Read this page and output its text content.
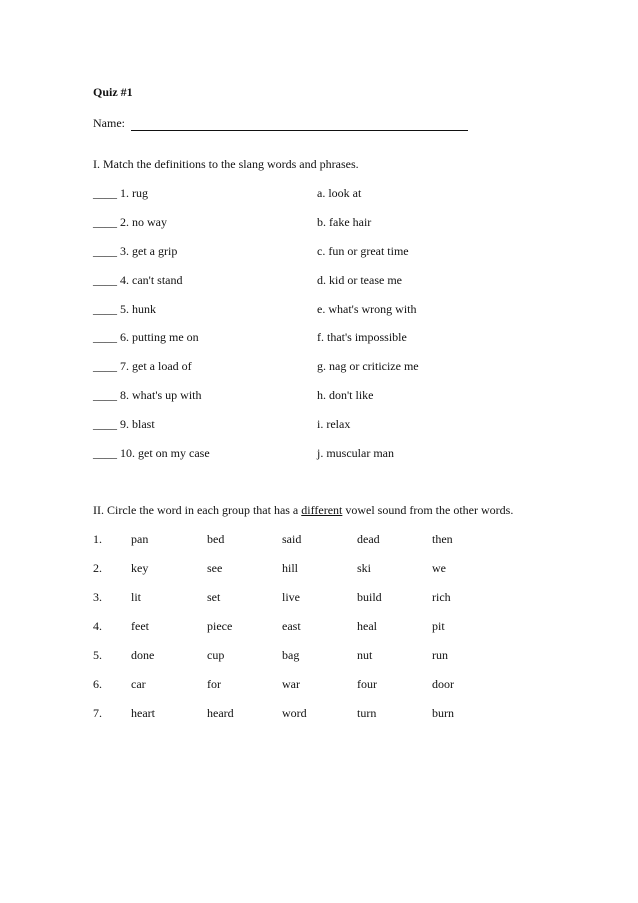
Quiz #1
Name:
I. Match the definitions to the slang words and phrases.
____ 1. rug	a. look at
____ 2. no way	b. fake hair
____ 3. get a grip	c. fun or great time
____ 4. can't stand	d. kid or tease me
____ 5. hunk	e. what's wrong with
____ 6. putting me on	f. that's impossible
____ 7. get a load of	g. nag or criticize me
____ 8. what's up with	h. don't like
____ 9. blast	i. relax
____ 10. get on my case	j. muscular man
II. Circle the word in each group that has a different vowel sound from the other words.
1. pan	bed	said	dead	then
2. key	see	hill	ski	we
3. lit	set	live	build	rich
4. feet	piece	east	heal	pit
5. done	cup	bag	nut	run
6. car	for	war	four	door
7. heart	heard	word	turn	burn
